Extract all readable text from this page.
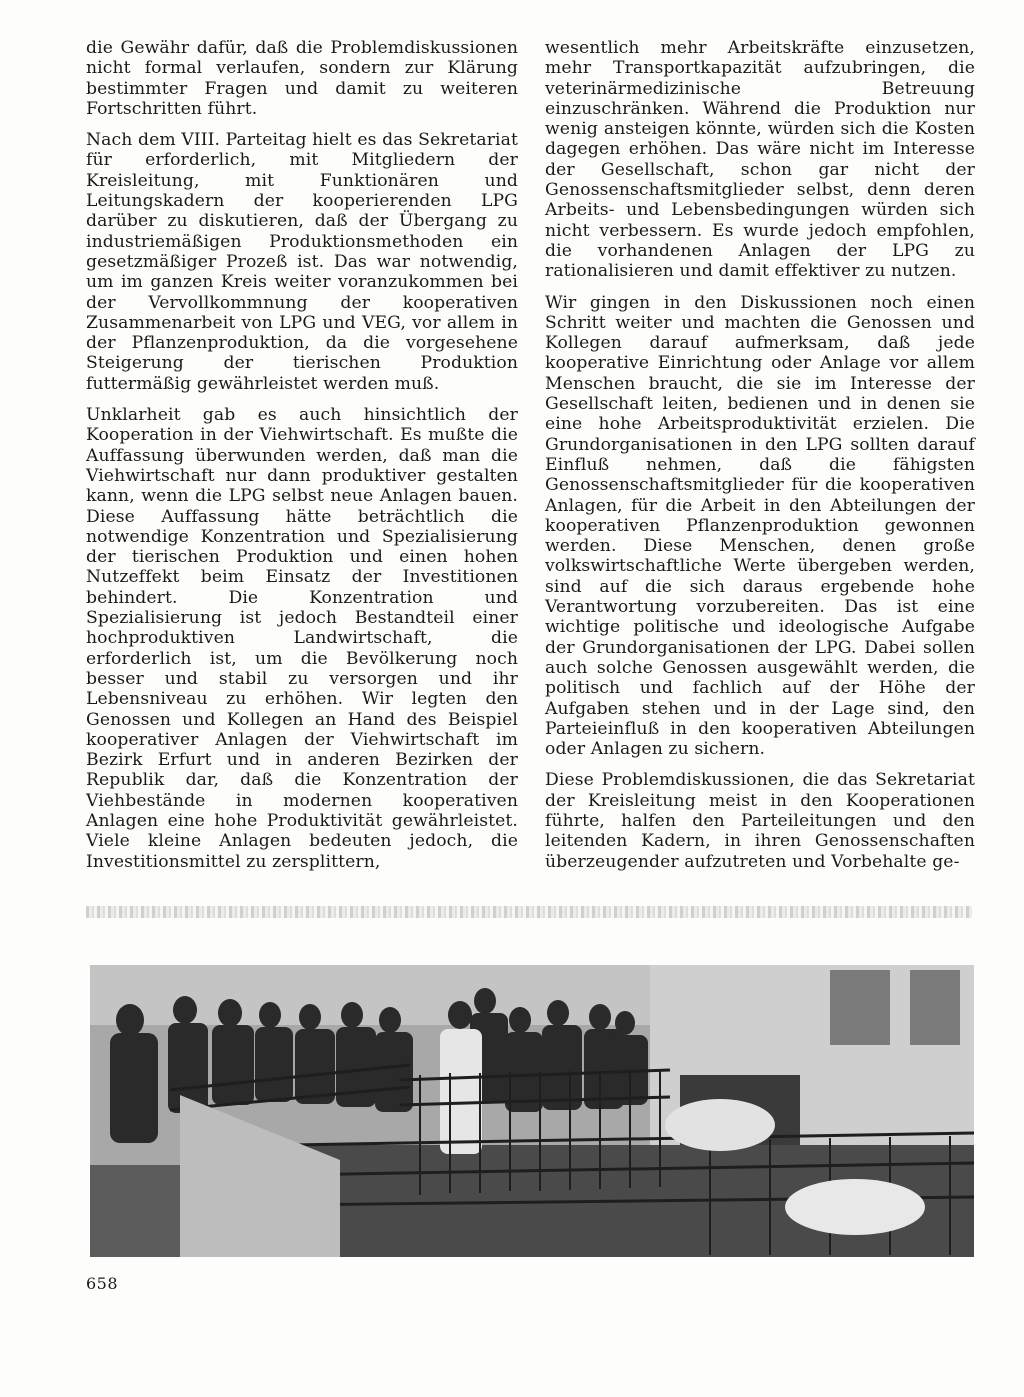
die Gewähr dafür, daß die Problemdiskussionen nicht formal verlaufen, sondern zur Klärung bestimmter Fragen und damit zu weiteren Fortschritten führt.

Nach dem VIII. Parteitag hielt es das Sekretariat für erforderlich, mit Mitgliedern der Kreisleitung, mit Funktionären und Leitungskadern der kooperierenden LPG darüber zu diskutieren, daß der Übergang zu industriemäßigen Produktionsmethoden ein gesetzmäßiger Prozeß ist. Das war notwendig, um im ganzen Kreis weiter voranzukommen bei der Vervollkommnung der kooperativen Zusammenarbeit von LPG und VEG, vor allem in der Pflanzenproduktion, da die vorgesehene Steigerung der tierischen Produktion futtermäßig gewährleistet werden muß.

Unklarheit gab es auch hinsichtlich der Kooperation in der Viehwirtschaft. Es mußte die Auffassung überwunden werden, daß man die Viehwirtschaft nur dann produktiver gestalten kann, wenn die LPG selbst neue Anlagen bauen. Diese Auffassung hätte beträchtlich die notwendige Konzentration und Spezialisierung der tierischen Produktion und einen hohen Nutzeffekt beim Einsatz der Investitionen behindert. Die Konzentration und Spezialisierung ist jedoch Bestandteil einer hochproduktiven Landwirtschaft, die erforderlich ist, um die Bevölkerung noch besser und stabil zu versorgen und ihr Lebensniveau zu erhöhen. Wir legten den Genossen und Kollegen an Hand des Beispiel kooperativer Anlagen der Viehwirtschaft im Bezirk Erfurt und in anderen Bezirken der Republik dar, daß die Konzentration der Viehbestände in modernen kooperativen Anlagen eine hohe Produktivität gewährleistet. Viele kleine Anlagen bedeuten jedoch, die Investitionsmittel zu zersplittern,

wesentlich mehr Arbeitskräfte einzusetzen, mehr Transportkapazität aufzubringen, die veterinärmedizinische Betreuung einzuschränken. Während die Produktion nur wenig ansteigen könnte, würden sich die Kosten dagegen erhöhen. Das wäre nicht im Interesse der Gesellschaft, schon gar nicht der Genossenschaftsmitglieder selbst, denn deren Arbeits- und Lebensbedingungen würden sich nicht verbessern. Es wurde jedoch empfohlen, die vorhandenen Anlagen der LPG zu rationalisieren und damit effektiver zu nutzen.

Wir gingen in den Diskussionen noch einen Schritt weiter und machten die Genossen und Kollegen darauf aufmerksam, daß jede kooperative Einrichtung oder Anlage vor allem Menschen braucht, die sie im Interesse der Gesellschaft leiten, bedienen und in denen sie eine hohe Arbeitsproduktivität erzielen. Die Grundorganisationen in den LPG sollten darauf Einfluß nehmen, daß die fähigsten Genossenschaftsmitglieder für die kooperativen Anlagen, für die Arbeit in den Abteilungen der kooperativen Pflanzenproduktion gewonnen werden. Diese Menschen, denen große volkswirtschaftliche Werte übergeben werden, sind auf die sich daraus ergebende hohe Verantwortung vorzubereiten. Das ist eine wichtige politische und ideologische Aufgabe der Grundorganisationen der LPG. Dabei sollen auch solche Genossen ausgewählt werden, die politisch und fachlich auf der Höhe der Aufgaben stehen und in der Lage sind, den Parteieinfluß in den kooperativen Abteilungen oder Anlagen zu sichern.

Diese Problemdiskussionen, die das Sekretariat der Kreisleitung meist in den Kooperationen führte, halfen den Parteileitungen und den leitenden Kadern, in ihren Genossenschaften überzeugender aufzutreten und Vorbehalte ge-

658
